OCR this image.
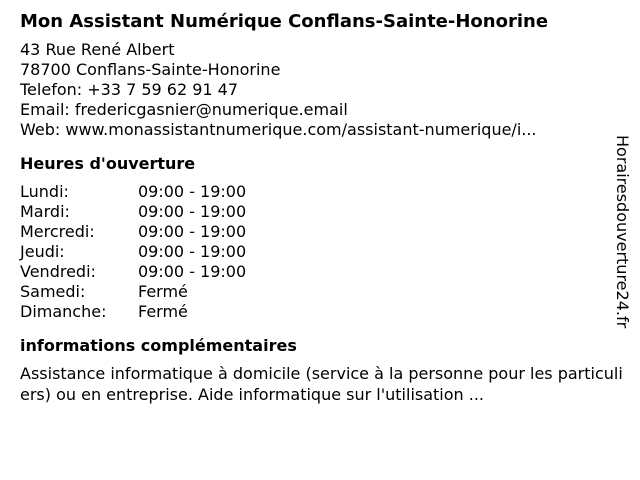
Mon Assistant Numérique Conflans-Sainte-Honorine
43 Rue René Albert
78700 Conflans-Sainte-Honorine
Telefon: +33 7 59 62 91 47
Email: fredericgasnier@numerique.email
Web: www.monassistantnumerique.com/assistant-numerique/i...
Heures d'ouverture
Lundi:	09:00 - 19:00
Mardi:	09:00 - 19:00
Mercredi:	09:00 - 19:00
Jeudi:	09:00 - 19:00
Vendredi:	09:00 - 19:00
Samedi:	Fermé
Dimanche:	Fermé
informations complémentaires
Assistance informatique à domicile (service à la personne pour les particuliers) ou en entreprise. Aide informatique sur l'utilisation ...
Horairesdouverture24.fr
